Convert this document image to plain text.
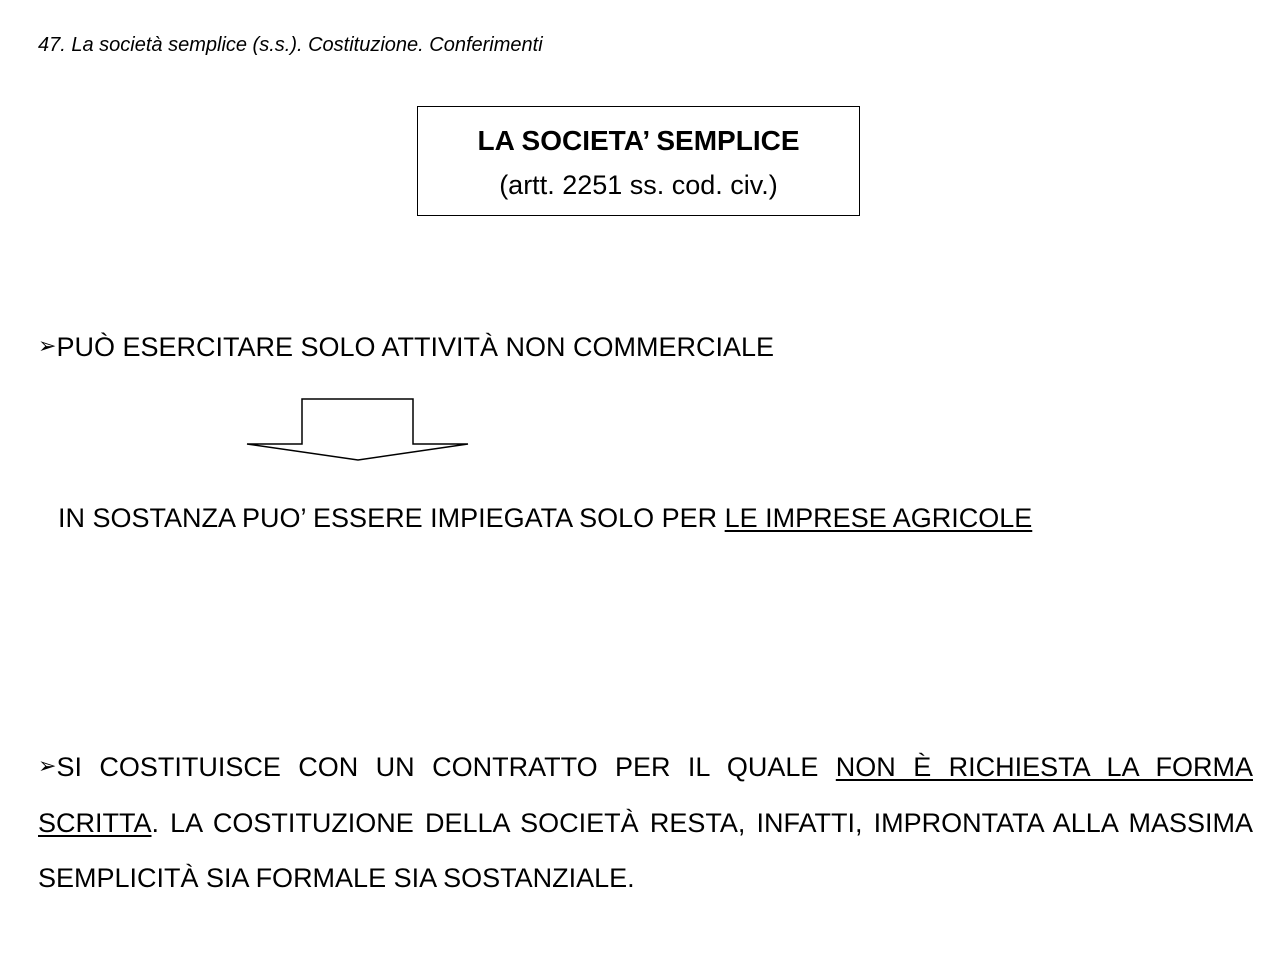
47. La società semplice (s.s.). Costituzione. Conferimenti
LA SOCIETA’ SEMPLICE
(artt. 2251 ss. cod. civ.)
➢PUÒ ESERCITARE SOLO ATTIVITÀ NON COMMERCIALE
IN SOSTANZA PUO’ ESSERE IMPIEGATA SOLO PER LE IMPRESE AGRICOLE
➢SI COSTITUISCE CON UN CONTRATTO PER IL QUALE NON È RICHIESTA LA FORMA SCRITTA. LA COSTITUZIONE DELLA SOCIETÀ RESTA, INFATTI, IMPRONTATA ALLA MASSIMA SEMPLICITÀ SIA FORMALE SIA SOSTANZIALE.
